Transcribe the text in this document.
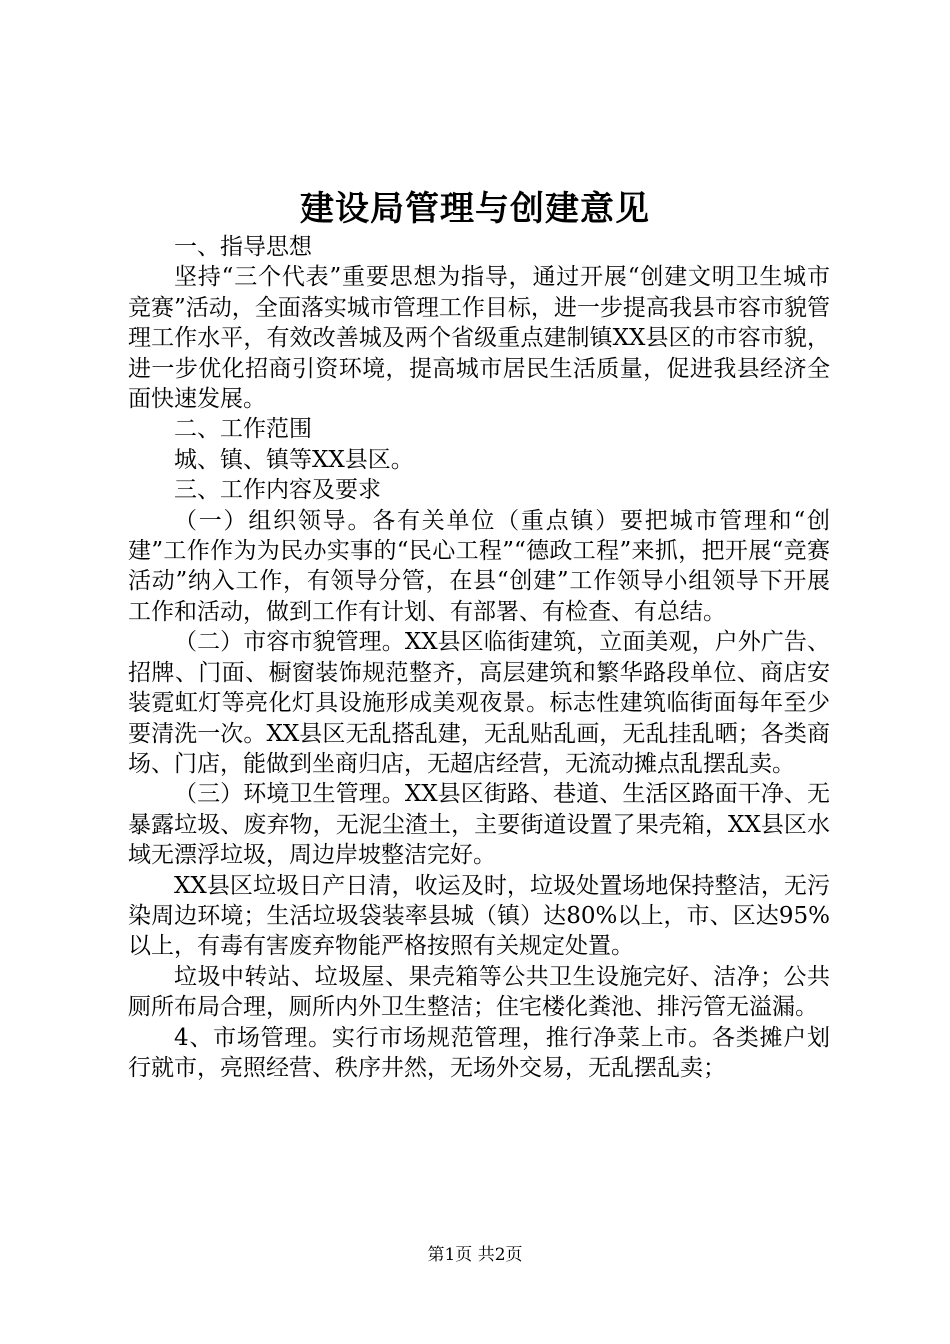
建设局管理与创建意见

一、指导思想

坚持“三个代表”重要思想为指导，通过开展“创建文明卫生城市竞赛”活动，全面落实城市管理工作目标，进一步提高我县市容市貌管理工作水平，有效改善城及两个省级重点建制镇XX县区的市容市貌，进一步优化招商引资环境，提高城市居民生活质量，促进我县经济全面快速发展。

二、工作范围

城、镇、镇等XX县区。

三、工作内容及要求

（一）组织领导。各有关单位（重点镇）要把城市管理和“创建”工作作为为民办实事的“民心工程”“德政工程”来抓，把开展“竞赛活动”纳入工作，有领导分管，在县“创建”工作领导小组领导下开展工作和活动，做到工作有计划、有部署、有检查、有总结。

（二）市容市貌管理。XX县区临街建筑，立面美观，户外广告、招牌、门面、橱窗装饰规范整齐，高层建筑和繁华路段单位、商店安装霓虹灯等亮化灯具设施形成美观夜景。标志性建筑临街面每年至少要清洗一次。XX县区无乱搭乱建，无乱贴乱画，无乱挂乱晒；各类商场、门店，能做到坐商归店，无超店经营，无流动摊点乱摆乱卖。

（三）环境卫生管理。XX县区街路、巷道、生活区路面干净、无暴露垃圾、废弃物，无泥尘渣土，主要街道设置了果壳箱，XX县区水域无漂浮垃圾，周边岸坡整洁完好。

XX县区垃圾日产日清，收运及时，垃圾处置场地保持整洁，无污染周边环境；生活垃圾袋装率县城（镇）达80%以上，市、区达95%以上，有毒有害废弃物能严格按照有关规定处置。

垃圾中转站、垃圾屋、果壳箱等公共卫生设施完好、洁净；公共厕所布局合理，厕所内外卫生整洁；住宅楼化粪池、排污管无溢漏。

4、市场管理。实行市场规范管理，推行净菜上市。各类摊户划行就市，亮照经营、秩序井然，无场外交易，无乱摆乱卖；

第1页 共2页
